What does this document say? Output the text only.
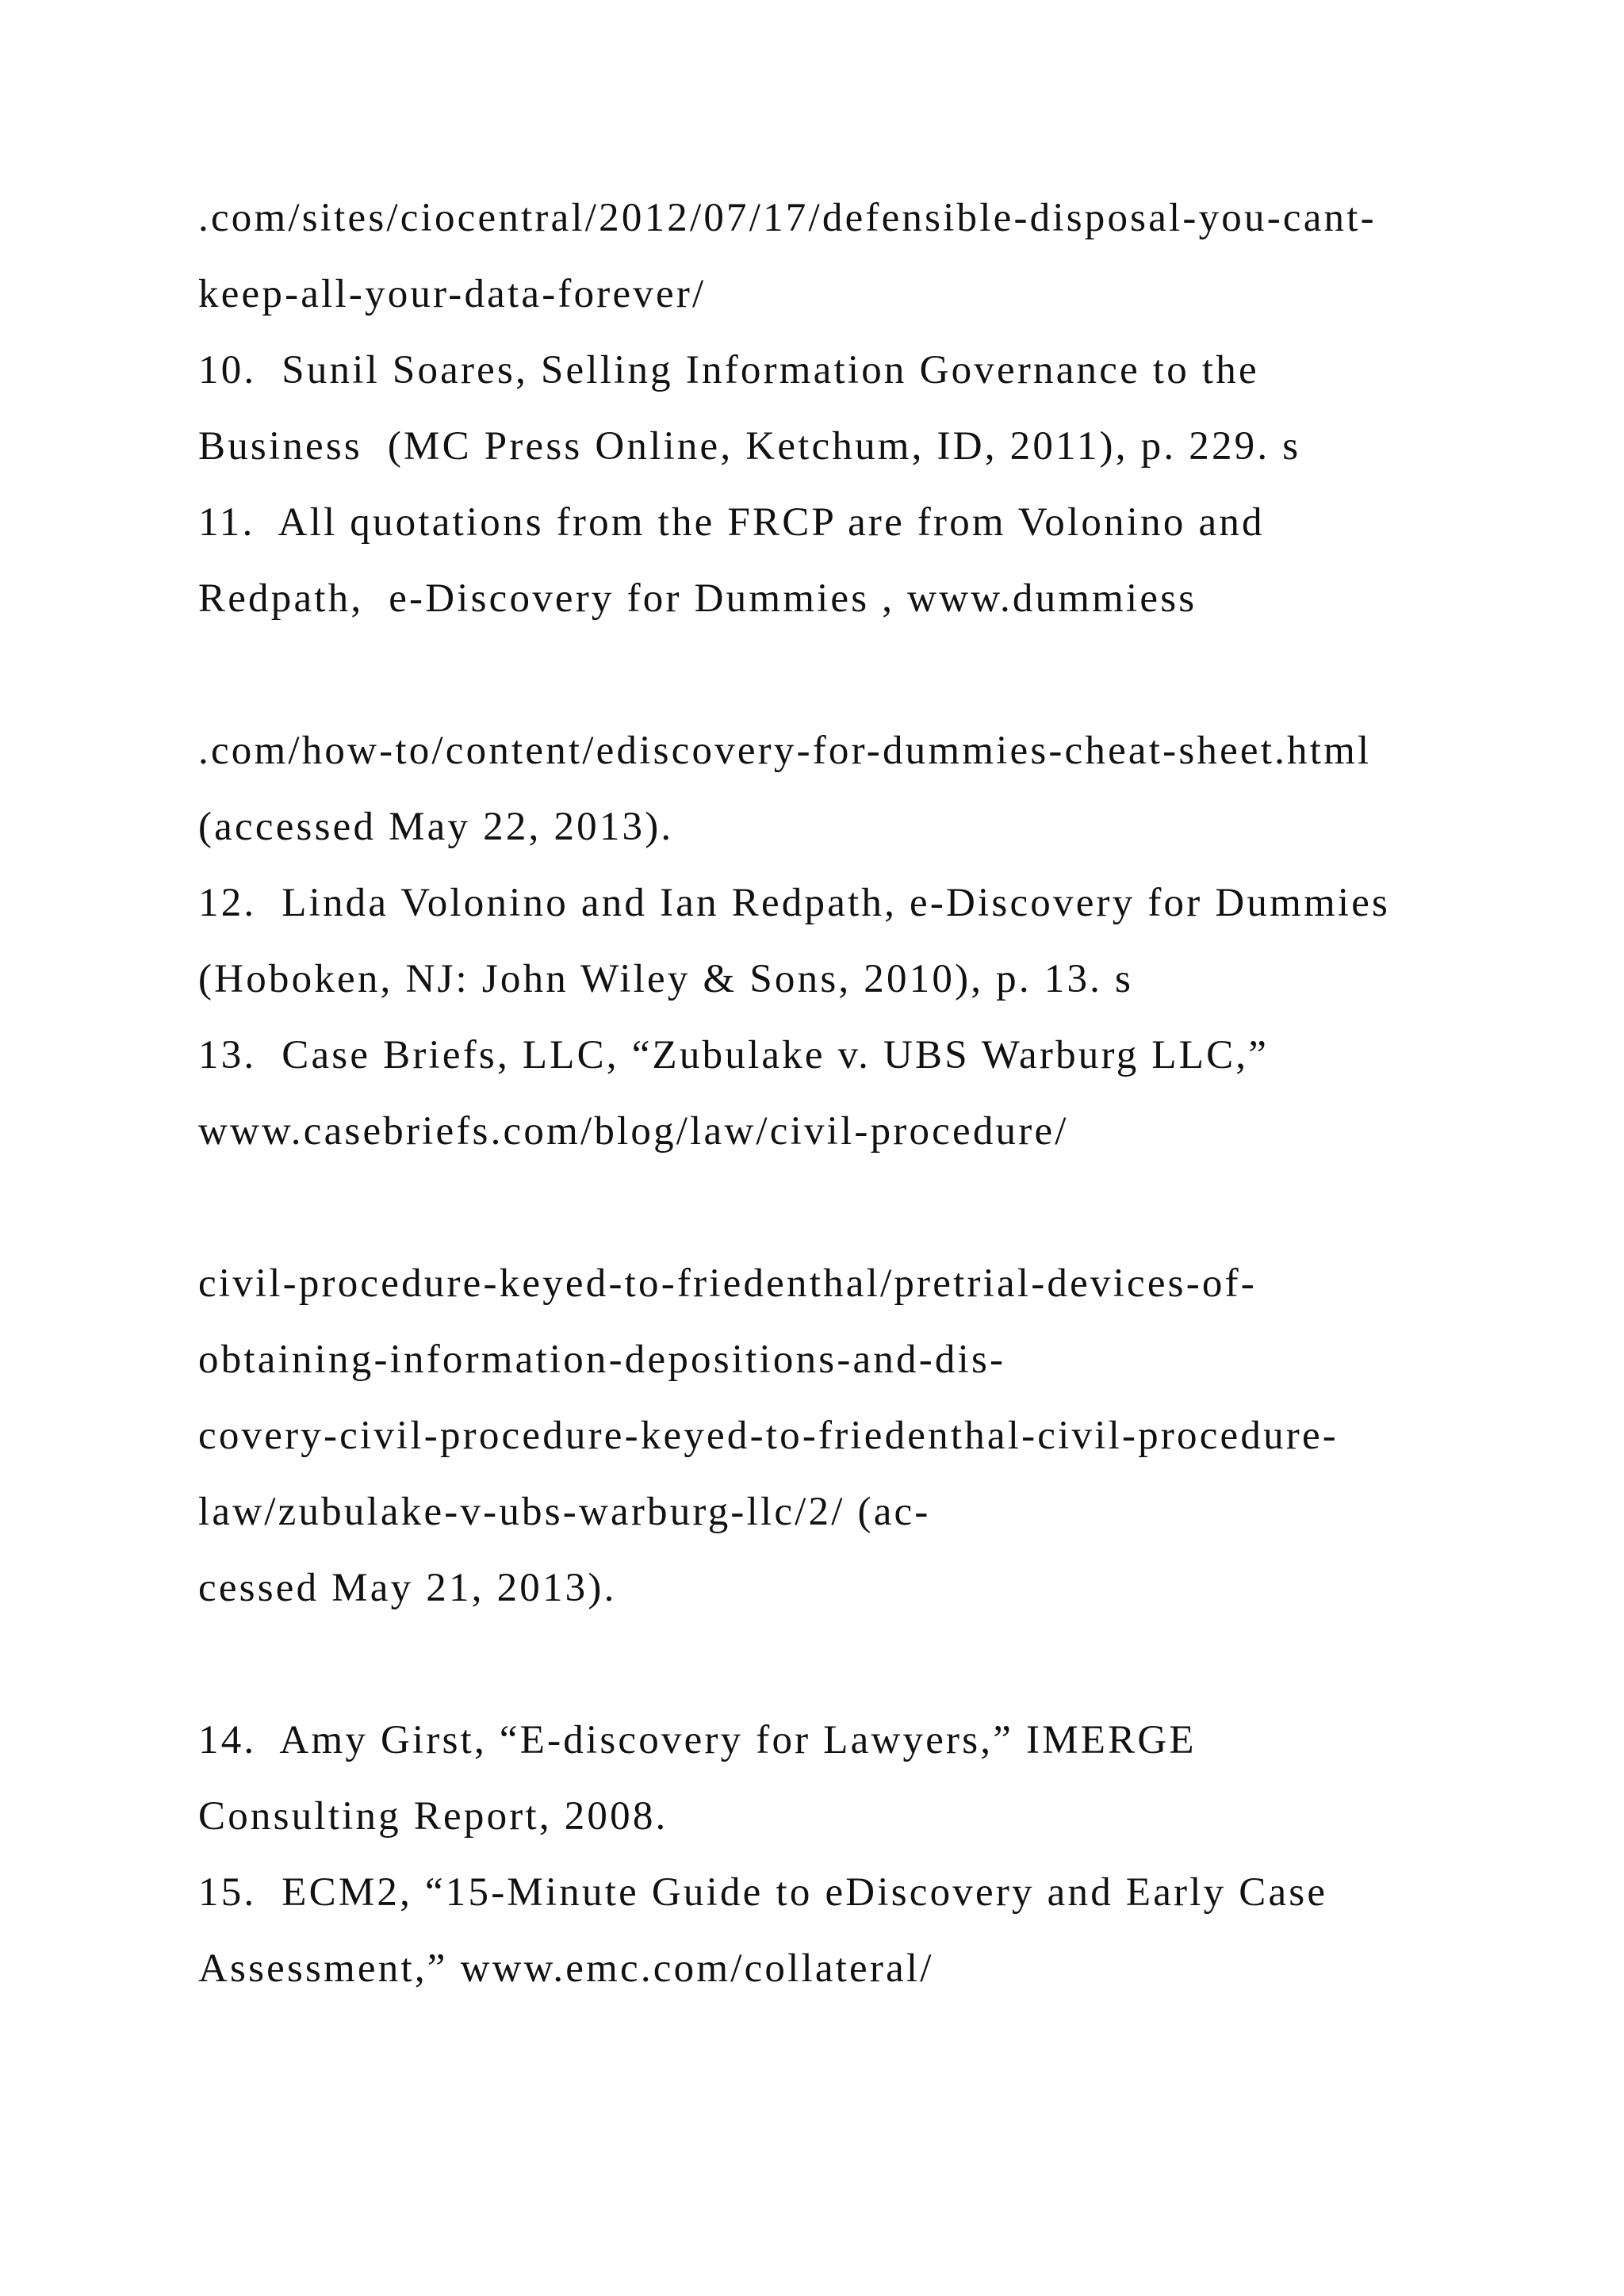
.com/sites/ciocentral/2012/07/17/defensible-disposal-you-cant-

keep-all-your-data-forever/

10.  Sunil Soares, Selling Information Governance to the

Business  (MC Press Online, Ketchum, ID, 2011), p. 229. s

11.  All quotations from the FRCP are from Volonino and

Redpath,  e-Discovery for Dummies , www.dummiess

.com/how-to/content/ediscovery-for-dummies-cheat-sheet.html

(accessed May 22, 2013).

12.  Linda Volonino and Ian Redpath, e-Discovery for Dummies

(Hoboken, NJ: John Wiley & Sons, 2010), p. 13. s

13.  Case Briefs, LLC, “Zubulake v. UBS Warburg LLC,”

www.casebriefs.com/blog/law/civil-procedure/

civil-procedure-keyed-to-friedenthal/pretrial-devices-of-

obtaining-information-depositions-and-dis-

covery-civil-procedure-keyed-to-friedenthal-civil-procedure-

law/zubulake-v-ubs-warburg-llc/2/ (ac-

cessed May 21, 2013).

14.  Amy Girst, “E-discovery for Lawyers,” IMERGE

Consulting Report, 2008.

15.  ECM2, “15-Minute Guide to eDiscovery and Early Case

Assessment,” www.emc.com/collateral/
